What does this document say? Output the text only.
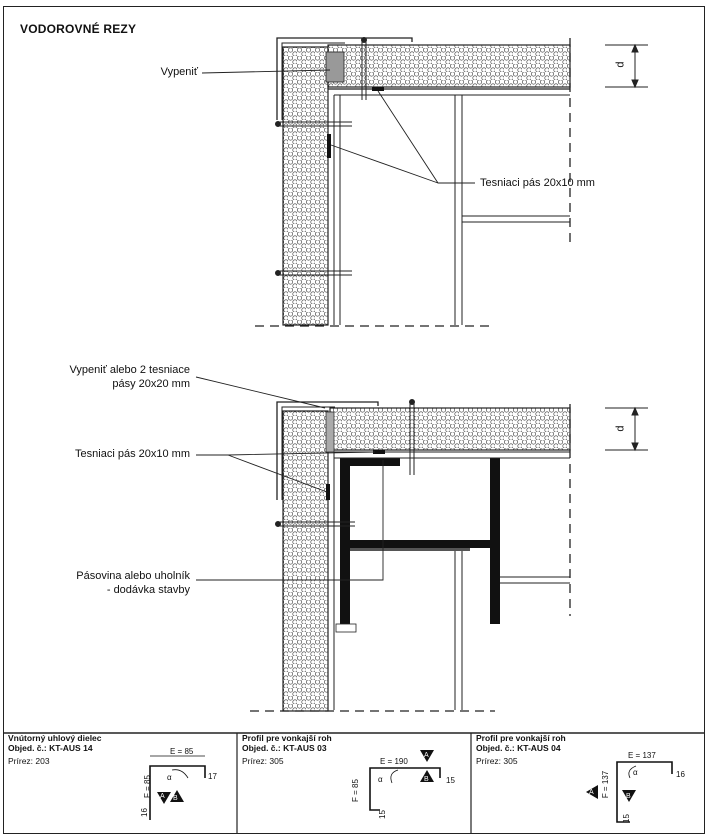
VODOROVNÉ REZY
Vypeniť
Tesniaci pás 20x10 mm
d
Vypeniť alebo 2 tesniace
pásy 20x20 mm
Tesniaci pás 20x10 mm
Pásovina alebo uholník
- dodávka stavby
d
Vnútorný uhlový dielec
Objed. č.: KT-AUS 14
Prírez: 203
E = 85
F = 85	17
16
A B
α
Profil pre vonkajší roh
Objed. č.: KT-AUS 03
Prírez: 305	E = 190
F = 85	15
15
A
B
α
Profil pre vonkajší roh
Objed. č.: KT-AUS 04
Prírez: 305
E = 137
F = 137	16
15
A
B
α
